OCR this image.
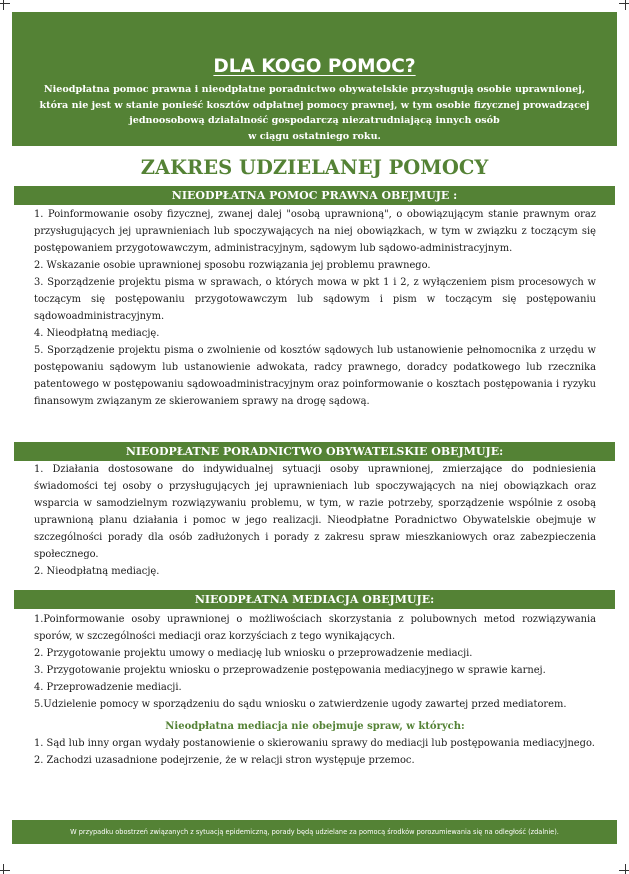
DLA KOGO POMOC?
Nieodpłatna pomoc prawna i nieodpłatne poradnictwo obywatelskie przysługują osobie uprawnionej,
która nie jest w stanie ponieść kosztów odpłatnej pomocy prawnej, w tym osobie fizycznej prowadzącej
jednoosobową działalność gospodarczą niezatrudniającą innych osób
w ciągu ostatniego roku.
ZAKRES UDZIELANEJ POMOCY
NIEODPŁATNA POMOC PRAWNA OBEJMUJE :

1. Poinformowanie osoby fizycznej, zwanej dalej "osobą uprawnioną", o obowiązującym stanie prawnym oraz przysługujących jej uprawnieniach lub spoczywających na niej obowiązkach, w tym w związku z toczącym się postępowaniem przygotowawczym, administracyjnym, sądowym lub sądowo-administracyjnym.

2. Wskazanie osobie uprawnionej sposobu rozwiązania jej problemu prawnego.

3. Sporządzenie projektu pisma w sprawach, o których mowa w pkt 1 i 2, z wyłączeniem pism procesowych w toczącym się postępowaniu przygotowawczym lub sądowym i pism w toczącym się postępowaniu sądowoadministracyjnym.

4. Nieodpłatną mediację.

5. Sporządzenie projektu pisma o zwolnienie od kosztów sądowych lub ustanowienie pełnomocnika z urzędu w postępowaniu sądowym lub ustanowienie adwokata, radcy prawnego, doradcy podatkowego lub rzecznika patentowego w postępowaniu sądowoadministracyjnym oraz poinformowanie o kosztach postępowania i ryzyku finansowym związanym ze skierowaniem sprawy na drogę sądową.

NIEODPŁATNE PORADNICTWO OBYWATELSKIE OBEJMUJE:

1. Działania dostosowane do indywidualnej sytuacji osoby uprawnionej, zmierzające do podniesienia świadomości tej osoby o przysługujących jej uprawnieniach lub spoczywających na niej obowiązkach oraz wsparcia w samodzielnym rozwiązywaniu problemu, w tym, w razie potrzeby, sporządzenie wspólnie z osobą uprawnioną planu działania i pomoc w jego realizacji. Nieodpłatne Poradnictwo Obywatelskie obejmuje w szczególności porady dla osób zadłużonych i porady z zakresu spraw mieszkaniowych oraz zabezpieczenia społecznego.

2. Nieodpłatną mediację.

NIEODPŁATNA MEDIACJA OBEJMUJE:

1.Poinformowanie osoby uprawnionej o możliwościach skorzystania z polubownych metod rozwiązywania sporów, w szczególności mediacji oraz korzyściach z tego wynikających.

2. Przygotowanie projektu umowy o mediację lub wniosku o przeprowadzenie mediacji.

3. Przygotowanie projektu wniosku o przeprowadzenie postępowania mediacyjnego w sprawie karnej.

4. Przeprowadzenie mediacji.

5.Udzielenie pomocy w sporządzeniu do sądu wniosku o zatwierdzenie ugody zawartej przed mediatorem.

Nieodpłatna mediacja nie obejmuje spraw, w których:

1. Sąd lub inny organ wydały postanowienie o skierowaniu sprawy do mediacji lub postępowania mediacyjnego.

2. Zachodzi uzasadnione podejrzenie, że w relacji stron występuje przemoc.

W przypadku obostrzeń związanych z sytuacją epidemiczną, porady będą udzielane za pomocą środków porozumiewania się na odległość (zdalnie).
